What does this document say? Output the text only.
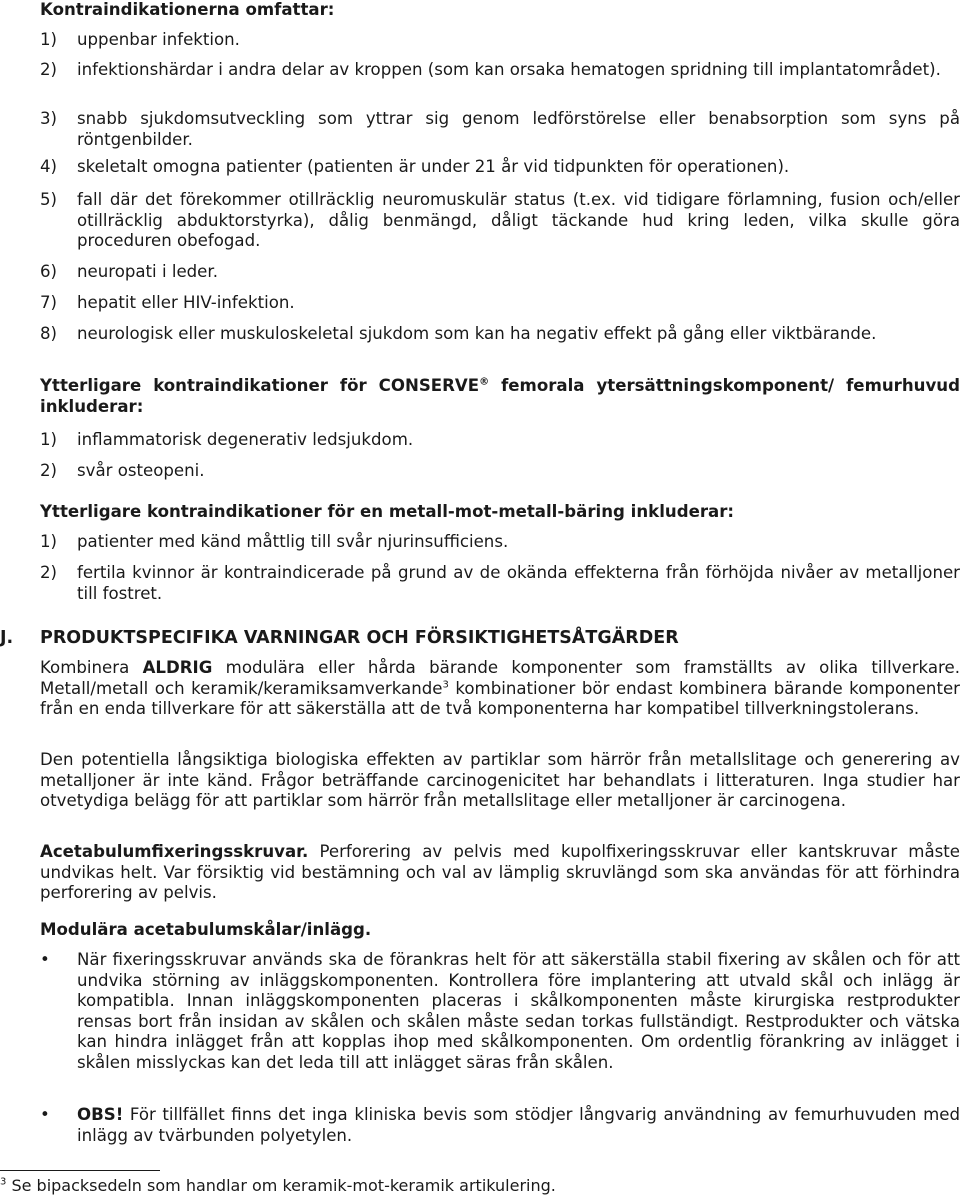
Kontraindikationerna omfattar:
1) uppenbar infektion.
2) infektionshärdar i andra delar av kroppen (som kan orsaka hematogen spridning till implantatområdet).
3) snabb sjukdomsutveckling som yttrar sig genom ledförstörelse eller benabsorption som syns på röntgenbilder.
4) skeletalt omogna patienter (patienten är under 21 år vid tidpunkten för operationen).
5) fall där det förekommer otillräcklig neuromuskulär status (t.ex. vid tidigare förlamning, fusion och/eller otillräcklig abduktorstyrka), dålig benmängd, dåligt täckande hud kring leden, vilka skulle göra proceduren obefogad.
6) neuropati i leder.
7) hepatit eller HIV-infektion.
8) neurologisk eller muskuloskeletal sjukdom som kan ha negativ effekt på gång eller viktbärande.
Ytterligare kontraindikationer för CONSERVE® femorala ytersättningskomponent/ femurhuvud inkluderar:
1) inflammatorisk degenerativ ledsjukdom.
2) svår osteopeni.
Ytterligare kontraindikationer för en metall-mot-metall-bäring inkluderar:
1) patienter med känd måttlig till svår njurinsufficiens.
2) fertila kvinnor är kontraindicerade på grund av de okända effekterna från förhöjda nivåer av metalljoner till fostret.
J. PRODUKTSPECIFIKA VARNINGAR OCH FÖRSIKTIGHETSÅTGÄRDER
Kombinera ALDRIG modulära eller hårda bärande komponenter som framställts av olika tillverkare. Metall/metall och keramik/keramiksamverkande$^3$ kombinationer bör endast kombinera bärande komponenter från en enda tillverkare för att säkerställa att de två komponenterna har kompatibel tillverkningstolerans.
Den potentiella långsiktiga biologiska effekten av partiklar som härrör från metallslitage och generering av metalljoner är inte känd. Frågor beträffande carcinogenicitet har behandlats i litteraturen. Inga studier har otvetydiga belägg för att partiklar som härrör från metallslitage eller metalljoner är carcinogena.
Acetabulumfixeringsskruvar. Perforering av pelvis med kupolfixeringsskruvar eller kantskruvar måste undvikas helt. Var försiktig vid bestämning och val av lämplig skruvlängd som ska användas för att förhindra perforering av pelvis.
Modulära acetabulumskålar/inlägg.
• När fixeringsskruvar används ska de förankras helt för att säkerställa stabil fixering av skålen och för att undvika störning av inläggskomponenten. Kontrollera före implantering att utvald skål och inlägg är kompatibla. Innan inläggskomponenten placeras i skålkomponenten måste kirurgiska restprodukter rensas bort från insidan av skålen och skålen måste sedan torkas fullständigt. Restprodukter och vätska kan hindra inlägget från att kopplas ihop med skålkomponenten. Om ordentlig förankring av inlägget i skålen misslyckas kan det leda till att inlägget säras från skålen.
• OBS! För tillfället finns det inga kliniska bevis som stödjer långvarig användning av femurhuvuden med inlägg av tvärbunden polyetylen.
$^3$ Se bipacksedeln som handlar om keramik-mot-keramik artikulering.
